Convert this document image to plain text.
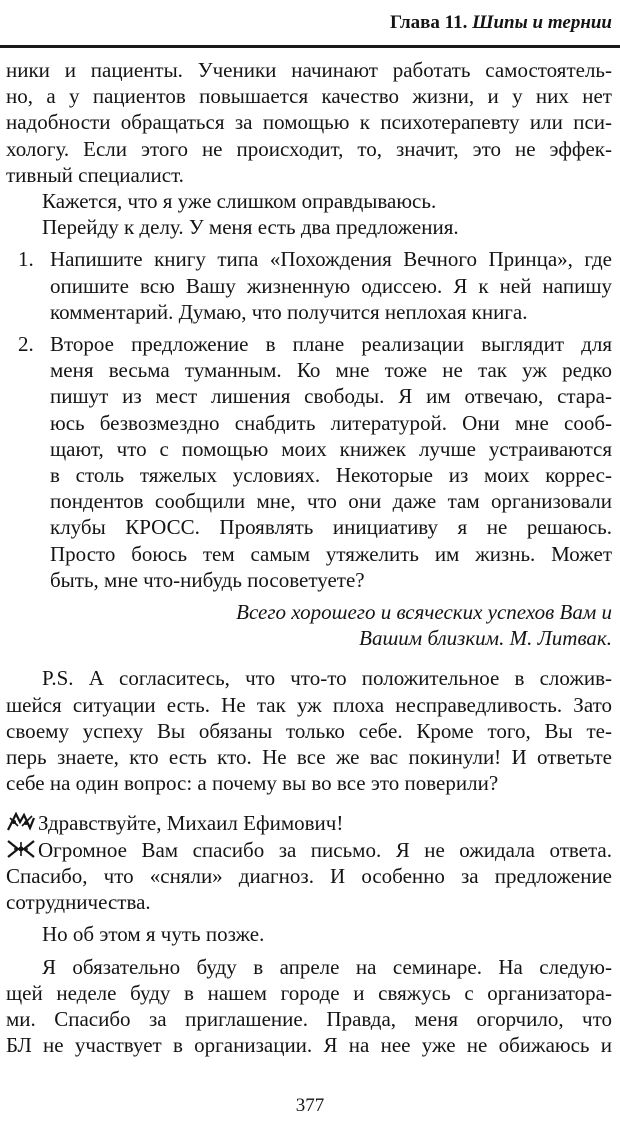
Глава 11. Шипы и тернии
ники и пациенты. Ученики начинают работать самостоятель-
но, а у пациентов повышается качество жизни, и у них нет
надобности обращаться за помощью к психотерапевту или пси-
хологу. Если этого не происходит, то, значит, это не эффек-
тивный специалист.
Кажется, что я уже слишком оправдываюсь.
Перейду к делу. У меня есть два предложения.
1. Напишите книгу типа «Похождения Вечного Принца», где
опишите всю Вашу жизненную одиссею. Я к ней напишу
комментарий. Думаю, что получится неплохая книга.
2. Второе предложение в плане реализации выглядит для
меня весьма туманным. Ко мне тоже не так уж редко
пишут из мест лишения свободы. Я им отвечаю, стара-
юсь безвозмездно снабдить литературой. Они мне сооб-
щают, что с помощью моих книжек лучше устраиваются
в столь тяжелых условиях. Некоторые из моих коррес-
пондентов сообщили мне, что они даже там организовали
клубы КРОСС. Проявлять инициативу я не решаюсь.
Просто боюсь тем самым утяжелить им жизнь. Может
быть, мне что-нибудь посоветуете?
Всего хорошего и всяческих успехов Вам и
Вашим близким. М. Литвак.
P.S. А согласитесь, что что-то положительное в сложив-
шейся ситуации есть. Не так уж плоха несправедливость. Зато
своему успеху Вы обязаны только себе. Кроме того, Вы те-
перь знаете, кто есть кто. Не все же вас покинули! И ответьте
себе на один вопрос: а почему вы во все это поверили?
Здравствуйте, Михаил Ефимович!
Огромное Вам спасибо за письмо. Я не ожидала ответа.
Спасибо, что «сняли» диагноз. И особенно за предложение
сотрудничества.
Но об этом я чуть позже.
Я обязательно буду в апреле на семинаре. На следую-
щей неделе буду в нашем городе и свяжусь с организатора-
ми. Спасибо за приглашение. Правда, меня огорчило, что
БЛ не участвует в организации. Я на нее уже не обижаюсь и
377
